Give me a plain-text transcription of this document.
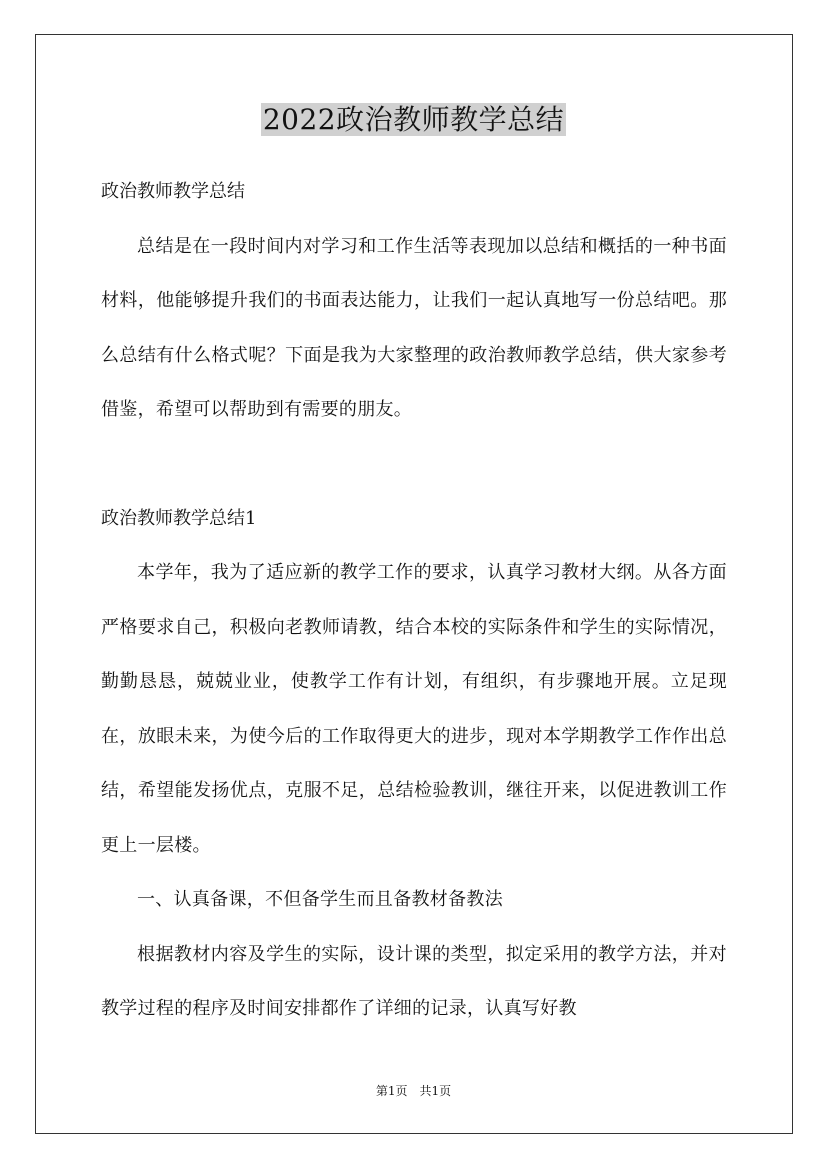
2022政治教师教学总结

政治教师教学总结

总结是在一段时间内对学习和工作生活等表现加以总结和概括的一种书面材料，他能够提升我们的书面表达能力，让我们一起认真地写一份总结吧。那么总结有什么格式呢？下面是我为大家整理的政治教师教学总结，供大家参考借鉴，希望可以帮助到有需要的朋友。

政治教师教学总结1

本学年，我为了适应新的教学工作的要求，认真学习教材大纲。从各方面严格要求自己，积极向老教师请教，结合本校的实际条件和学生的实际情况，勤勤恳恳，兢兢业业，使教学工作有计划，有组织，有步骤地开展。立足现在，放眼未来，为使今后的工作取得更大的进步，现对本学期教学工作作出总结，希望能发扬优点，克服不足，总结检验教训，继往开来，以促进教训工作更上一层楼。

一、认真备课，不但备学生而且备教材备教法

根据教材内容及学生的实际，设计课的类型，拟定采用的教学方法，并对教学过程的程序及时间安排都作了详细的记录，认真写好教

第1页　共1页
